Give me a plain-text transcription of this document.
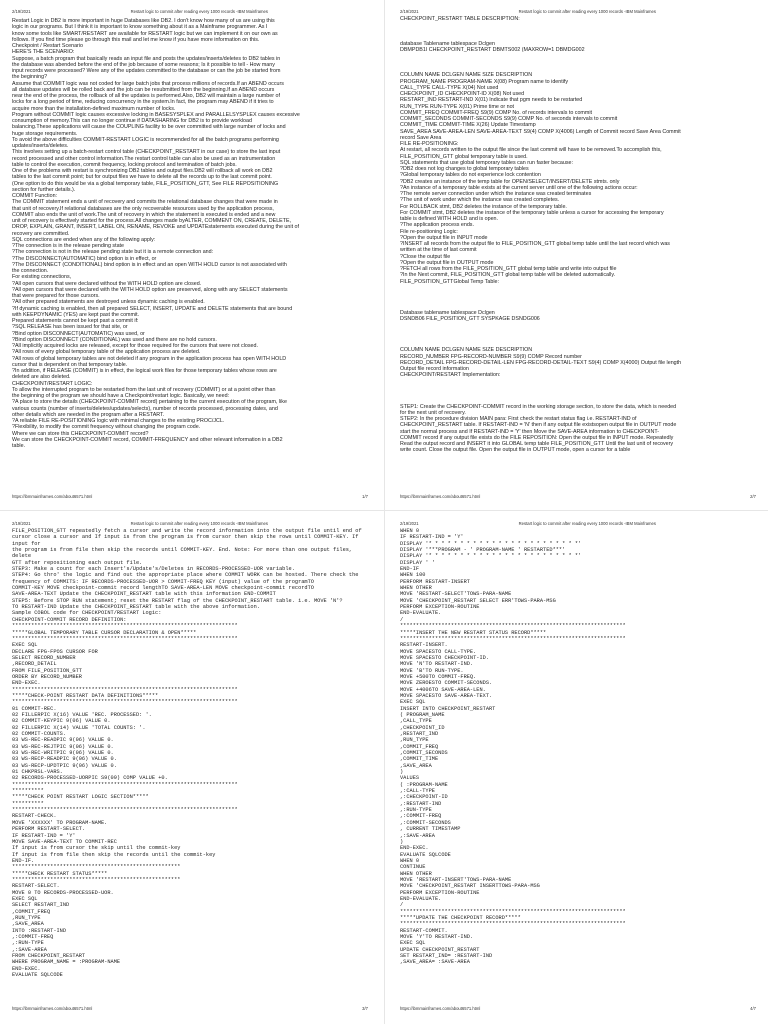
2/19/2021	Restart logic to commit after reading every 1000 records -IBM Mainframes
Restart Logic in DB2 is more important in huge Databases like DB2. I don't know how many of us are using this
logic in our programs. But I think it is important to know something about it as a Mainframe programmer. As I
know some tools like SMART/RESTART are available for RESTART logic but we can implement it on our own as
follows. If you find time please go through this mail and let me know if you have more information on this.
Checkpoint / Restart Scenario
HERE'S THE SCENARIO:
Suppose, a batch program that basically reads an input file and posts the updates/inserts/deletes to DB2 tables in
the database was abended before the end of the job because of some reasons; Is it possible to tell - How many
input records were processed? Were any of the updates committed to the database or can the job be started from
the beginning?
Assume that COMMIT logic was not coded for large batch jobs that process millions of records.If an ABEND occurs
all database updates will be rolled back and the job can be resubmitted from the beginning.If an ABEND occurs
near the end of the process, the rollback of all the updates is performed.Also, DB2 will maintain a large number of
locks for a long period of time, reducing concurrency in the system.In fact, the program may ABEND if it tries to
acquire more than the installation-defined maximum number of locks.
Program without COMMIT logic causes excessive locking in BASESYSPLEX and PARALLELSYSPLEX causes excessive
consumption of memory.This can no longer continue if DATASHARING for DB2 is to provide workload
balancing.These applications will cause the COUPLING facility to be over committed with large number of locks and
huge storage requirements.
To avoid the above difficulties COMMIT-RESTART LOGIC is recommended for all the batch programs performing
updates/inserts/deletes.
This involves setting up a batch-restart control table (CHECKPOINT_RESTART in our case) to store the last input
record processed and other control information.The restart control table can also be used as an instrumentation
table to control the execution, commit frequency, locking protocol and termination of batch jobs.
One of the problems with restart is synchronizing DB2 tables and output files.DB2 will rollback all work on DB2
tables to the last commit point; but for output files we have to delete all the records up to the last commit point.
(One option to do this would be via a global temporary table, FILE_POSITION_GTT, See FILE REPOSITIONING
section for further details.).
COMMIT Function:
The COMMIT statement ends a unit of recovery and commits the relational database changes that were made in
that unit of recovery.If relational databases are the only recoverable resources used by the application process,
COMMIT also ends the unit of work.The unit of recovery in which the statement is executed is ended and a new
unit of recovery is effectively started for the process.All changes made byALTER, COMMENT ON, CREATE, DELETE,
DROP, EXPLAIN, GRANT, INSERT, LABEL ON, RENAME, REVOKE and UPDATEstatements executed during the unit of
recovery are committed.
SQL connections are ended when any of the following apply:
?The connection is in the release pending state
?The connection is not in the release pending state but it is a remote connection and:
?The DISCONNECT(AUTOMATIC) bind option is in effect, or
?The DISCONNECT (CONDITIONAL) bind option is in effect and an open WITH HOLD cursor is not associated with
the connection.
For existing connections,
?All open cursors that were declared without the WITH HOLD option are closed.
?All open cursors that were declared with the WITH HOLD option are preserved, along with any SELECT statements
that were prepared for those cursors.
?All other prepared statements are destroyed unless dynamic caching is enabled.
?If dynamic caching is enabled, then all prepared SELECT, INSERT, UPDATE and DELETE statements that are bound
with KEEPDYNAMIC (YES) are kept past the commit.
Prepared statements cannot be kept past a commit if:
?SQL RELEASE has been issued for that site, or
?Bind option DISCONNECT(AUTOMATIC) was used, or
?Bind option DISCONNECT (CONDITIONAL) was used and there are no hold cursors.
?All implicitly acquired locks are released, except for those required for the cursors that were not closed.
?All rows of every global temporary table of the application process are deleted.
?All rows of global temporary tables are not deleted if any program in the application process has open WITH HOLD
cursor that is dependent on that temporary table.
?In addition, if RELEASE (COMMIT) is in effect, the logical work files for those temporary tables whose rows are
deleted are also deleted.
CHECKPOINT/RESTART LOGIC:
To allow the interrupted program to be restarted from the last unit of recovery (COMMIT) or at a point other than
the beginning of the program we should have a Checkpoint/restart logic. Basically, we need:
?A place to store the details (CHECKPOINT-COMMIT record) pertaining to the current execution of the program, like
various counts (number of inserts/deletes/updates/selects), number of records processed, processing dates, and
other details which are needed in the program after a RESTART.
?A reliable FILE RE-POSITIONING logic with minimal changes to the existing PROC/JCL.
?Flexibility, to modify the commit frequency without changing the program code.
Where we can store this CHECKPOINT-COMMIT record?
We can store the CHECKPOINT-COMMIT record, COMMIT-FREQUENCY and other relevant information in a DB2
table.
https://ibmmainframes.com/about6571.html	1/7
2/19/2021	Restart logic to commit after reading every 1000 records -IBM Mainframes
CHECKPOINT_RESTART TABLE DESCRIPTION:

database Tablename tablespace Dclgen
DBMPDB1I CHECKPOINT_RESTART DBMTS002 (MAXROW=1 DBMDG002

COLUMN NAME DCLGEN NAME SIZE DESCRIPTION
PROGRAM_NAME PROGRAM-NAME X(08) Program name to identify
CALL_TYPE CALL-TYPE X(04) Not used
CHECKPOINT_ID CHECKPOINT-ID X(08) Not used
RESTART_IND RESTART-IND X(01) Indicate that pgm needs to be restarted
RUN_TYPE RUN-TYPE X(01) Prime time or not
COMMIT_FREQ COMMIT-FREQ S9(9) COMP No. of records intervals to commit
COMMIT_SECONDS COMMIT-SECONDS S9(9) COMP No. of seconds intervals to commit
COMMIT_TIME COMMIT-TIME X(26) Update Timestamp
SAVE_AREA SAVE-AREA-LEN SAVE-AREA-TEXT S9(4) COMP X(4006) Length of Commit record Save Area Commit
record Save Area
FILE RE-POSITIONING:
At restart, all records written to the output file since the last commit will have to be removed.To accomplish this,
FILE_POSITION_GTT global temporary table is used.
SQL statements that use global temporary tables can run faster because:
?DB2 does not log changes to global temporary tables
?Global temporary tables do not experience lock contention
?DB2 creates an instance of the temp table for OPEN/SELECT/INSERT/DELETE stmts. only
?An instance of a temporary table exists at the current server until one of the following actions occur:
?The remote server connection under which the instance was created terminates
?The unit of work under which the instance was created completes.
For ROLLBACK stmt, DB2 deletes the instance of the temporary table.
For COMMIT stmt, DB2 deletes the instance of the temporary table unless a cursor for accessing the temporary
table is defined WITH HOLD and is open.
?The application process ends.
File re-positioning Logic:
?Open the output file in INPUT mode
?INSERT all records from the output file to FILE_POSITION_GTT global temp table until the last record which was
written at the time of last commit
?Close the output file
?Open the output file in OUTPUT mode
?FETCH all rows from the FILE_POSITION_GTT global temp table and write into output file
?In the Next commit, FILE_POSITION_GTT global temp table will be deleted automatically.
FILE_POSITION_GTTGlobal Temp Table:

Database tablename tablespace Dclgen
DSNDB06 FILE_POSITION_GTT SYSPKAGE DSNDG006

COLUMN NAME DCLGEN NAME SIZE DESCRIPTION
RECORD_NUMBER FPG-RECORD-NUMBER S9(9) COMP Record number
RECORD_DETAIL FPG-RECORD-DETAIL-LEN FPG-RECORD-DETAIL-TEXT S9(4) COMP X(4000) Output file length
Output file record information
CHECKPOINT/RESTART Implementation:

STEP1: Create the CHECKPOINT-COMMIT record in the working storage section, to store the data, which is needed
for the next unit of recovery.
STEP2: In the procedure division MAIN para: First check the restart status flag i.e. RESTART-IND of
CHECKPOINT_RESTART table. If RESTART-IND = 'N' then if any output file existsopen output file in OUTPUT mode
start the normal process and If RESTART-IND = 'Y' then Move the SAVE-AREA information to CHECKPOINT-
COMMIT record if any output file exists do the FILE REPOSITION: Open the output file in INPUT mode. Repeatedly
Read the output record and INSERT it into GLOBAL temp table FILE_POSITION_GTT Until the last unit of recovery
write count. Close the output file. Open the output file in OUTPUT mode, open a cursor for a table
https://ibmmainframes.com/about6571.html	2/7
2/19/2021	Restart logic to commit after reading every 1000 records -IBM Mainframes
FILE_POSITION_GTT repeatedly fetch a cursor and write the record information into the output file until end of
cursor close a cursor and If input is from the program is from cursor then skip the rows until COMMIT-KEY. If input for
the program is from file then skip the records until COMMIT-KEY. End. Note: For more than one output files, delete
GTT after repositioning each output file.
STEP3: Make a count for each Insert's/Update's/Deletes in RECORDS-PROCESSED-UOR variable.
STEP4: Go thro' the logic and find out the appropriate place where COMMIT WORK can be hosted. There check the
frequency of COMMITS: IF RECORDS-PROCESSED-UOR > COMMIT-FREQ KEY (input) value of the programTO
COMMIT-KEY MOVE checkpoint-commit record lengthTO SAVE-AREA-LEN MOVE checkpoint-commit recordTO
SAVE-AREA-TEXT Update the CHECKPOINT_RESTART table with this information END-COMMIT
STEP5: Before STOP RUN statement; reset the RESTART flag of the CHECKPOINT_RESTART table. i.e. MOVE 'N'?
TO RESTART-IND Update the CHECKPOINT_RESTART table with the above information.
Sample COBOL code for CHECKPOINT/RESTART Logic:
CHECKPOINT-COMMIT RECORD DEFINITION:
***********************************************************************
*****GLOBAL TEMPORARY TABLE CURSOR DECLARATION & OPEN*****
***********************************************************************
EXEC SQL
DECLARE FPG-FPOS CURSOR FOR
SELECT RECORD_NUMBER
,RECORD_DETAIL
FROM FILE_POSITION_GTT
ORDER BY RECORD_NUMBER
END-EXEC.
***********************************************************************
*****CHECK-POINT RESTART DATA DEFINITIONS*****
***********************************************************************
01 COMMIT-REC.
02 FILLERPIC X(16) VALUE 'REC. PROCESSED: '.
02 COMMIT-KEYPIC 9(06) VALUE 0.
02 FILLERPIC X(14) VALUE 'TOTAL COUNTS: '.
02 COMMIT-COUNTS.
03 WS-REC-READPIC 9(06) VALUE 0.
03 WS-REC-REJTPIC 9(06) VALUE 0.
03 WS-REC-WRITPIC 9(06) VALUE 0.
03 WS-RECP-READPIC 9(06) VALUE 0.
03 WS-RECP-UPDTPIC 9(06) VALUE 0.
01 CHKPRSL-VARS.
02 RECORDS-PROCESSED-UORPIC S9(09) COMP VALUE +0.
***********************************************************************
**********
*****CHECK POINT RESTART LOGIC SECTION*****
**********
***********************************************************************
RESTART-CHECK.
MOVE 'XXXXXX' TO PROGRAM-NAME.
PERFORM RESTART-SELECT.
IF RESTART-IND = 'Y'
MOVE SAVE-AREA-TEXT TO COMMIT-REC
If input is from cursor the skip until the commit-key
If input is from file then skip the records until the commit-key
END-IF.
*****************************************************
*****CHECK RESTART STATUS*****
*****************************************************
RESTART-SELECT.
MOVE 0 TO RECORDS-PROCESSED-UOR.
EXEC SQL
SELECT RESTART_IND
,COMMIT_FREQ
,RUN_TYPE
,SAVE_AREA
INTO :RESTART-IND
,:COMMIT-FREQ
,:RUN-TYPE
,:SAVE-AREA
FROM CHECKPOINT_RESTART
WHERE PROGRAM_NAME = :PROGRAM-NAME
END-EXEC.
EVALUATE SQLCODE
https://ibmmainframes.com/about6571.html	3/7
2/19/2021	Restart logic to commit after reading every 1000 records -IBM Mainframes
WHEN 0
IF RESTART-IND = 'Y'
DISPLAY '* * * * * * * * * * * * * * * * * * * * * * * *'
DISPLAY '***PROGRAM - ' PROGRAM-NAME ' RESTARTED***'
DISPLAY '* * * * * * * * * * * * * * * * * * * * * * * *'
DISPLAY ' '
END-IF
WHEN 100
PERFORM RESTART-INSERT
WHEN OTHER
MOVE 'RESTART-SELECT'TOWS-PARA-NAME
MOVE 'CHECKPOINT_RESTART SELECT ERR'TOWS-PARA-MSG
PERFORM EXCEPTION-ROUTINE
END-EVALUATE.
/
***********************************************************************
*****INSERT THE NEW RESTART STATUS RECORD*****
***********************************************************************
RESTART-INSERT.
MOVE SPACESTO CALL-TYPE.
MOVE SPACESTO CHECKPOINT-ID.
MOVE 'N'TO RESTART-IND.
MOVE 'B'TO RUN-TYPE.
MOVE +500TO COMMIT-FREQ.
MOVE ZEROESTO COMMIT-SECONDS.
MOVE +4006TO SAVE-AREA-LEN.
MOVE SPACESTO SAVE-AREA-TEXT.
EXEC SQL
INSERT INTO CHECKPOINT_RESTART
( PROGRAM_NAME
,CALL_TYPE
,CHECKPOINT_ID
,RESTART_IND
,RUN_TYPE
,COMMIT_FREQ
,COMMIT_SECONDS
,COMMIT_TIME
,SAVE_AREA
)
VALUES
( :PROGRAM-NAME
,:CALL-TYPE
,:CHECKPOINT-ID
,:RESTART-IND
,:RUN-TYPE
,:COMMIT-FREQ
,:COMMIT-SECONDS
, CURRENT TIMESTAMP
,:SAVE-AREA
)
END-EXEC.
EVALUATE SQLCODE
WHEN 0
CONTINUE
WHEN OTHER
MOVE 'RESTART-INSERT'TOWS-PARA-NAME
MOVE 'CHECKPOINT_RESTART INSERTTOWS-PARA-MSG
PERFORM EXCEPTION-ROUTINE
END-EVALUATE.
/
***********************************************************************
*****UPDATE THE CHECKPOINT RECORD*****
***********************************************************************
RESTART-COMMIT.
MOVE 'Y'TO RESTART-IND.
EXEC SQL
UPDATE CHECKPOINT_RESTART
SET RESTART_IND= :RESTART-IND
,SAVE_AREA= :SAVE-AREA
https://ibmmainframes.com/about6571.html	4/7
